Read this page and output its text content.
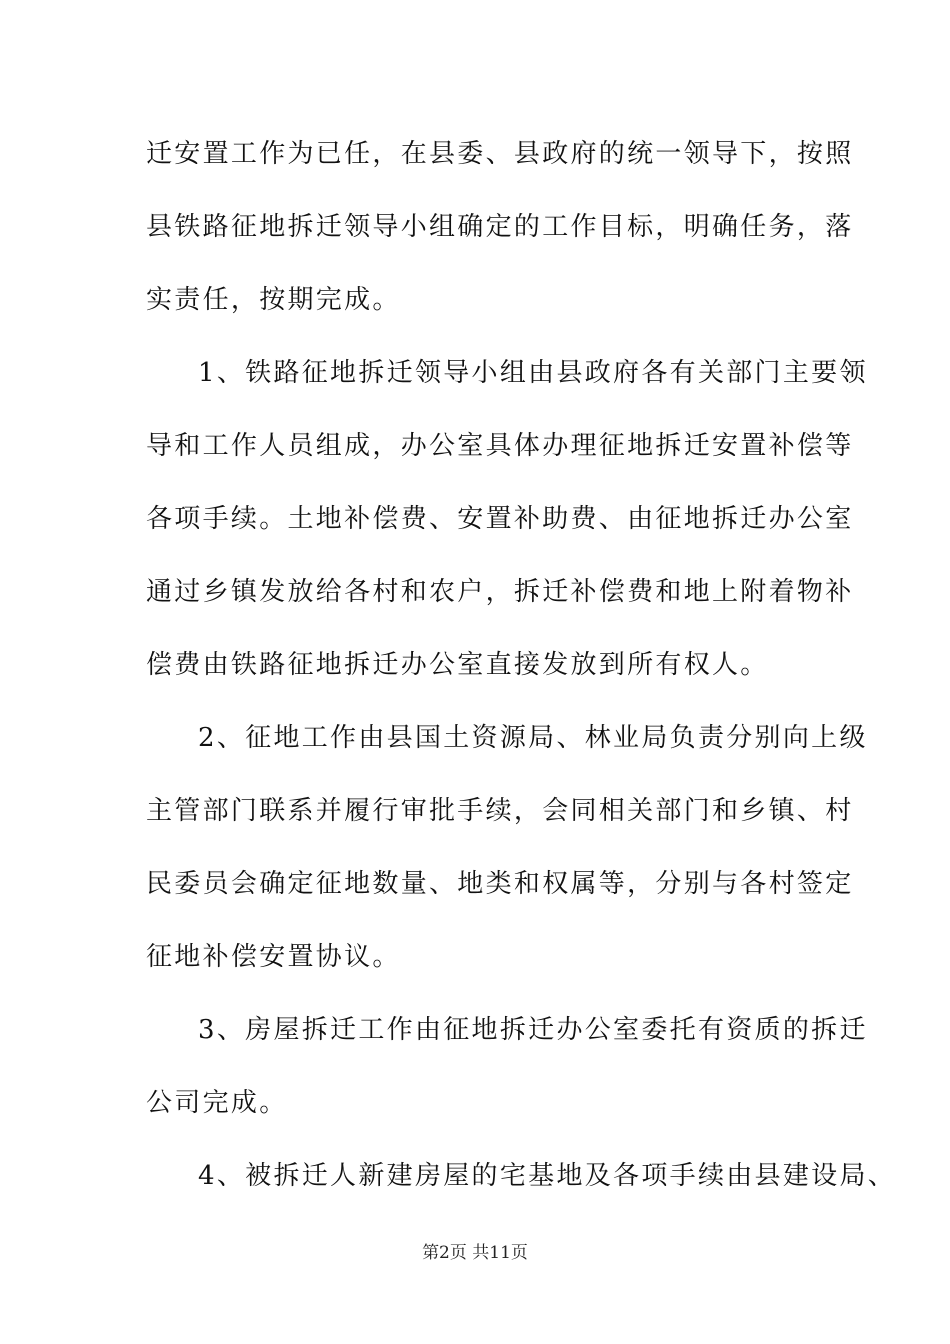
迁安置工作为已任，在县委、县政府的统一领导下，按照
县铁路征地拆迁领导小组确定的工作目标，明确任务，落
实责任，按期完成。
1、铁路征地拆迁领导小组由县政府各有关部门主要领
导和工作人员组成，办公室具体办理征地拆迁安置补偿等
各项手续。土地补偿费、安置补助费、由征地拆迁办公室
通过乡镇发放给各村和农户，拆迁补偿费和地上附着物补
偿费由铁路征地拆迁办公室直接发放到所有权人。
2、征地工作由县国土资源局、林业局负责分别向上级
主管部门联系并履行审批手续，会同相关部门和乡镇、村
民委员会确定征地数量、地类和权属等，分别与各村签定
征地补偿安置协议。
3、房屋拆迁工作由征地拆迁办公室委托有资质的拆迁
公司完成。
4、被拆迁人新建房屋的宅基地及各项手续由县建设局、
第2页 共11页
